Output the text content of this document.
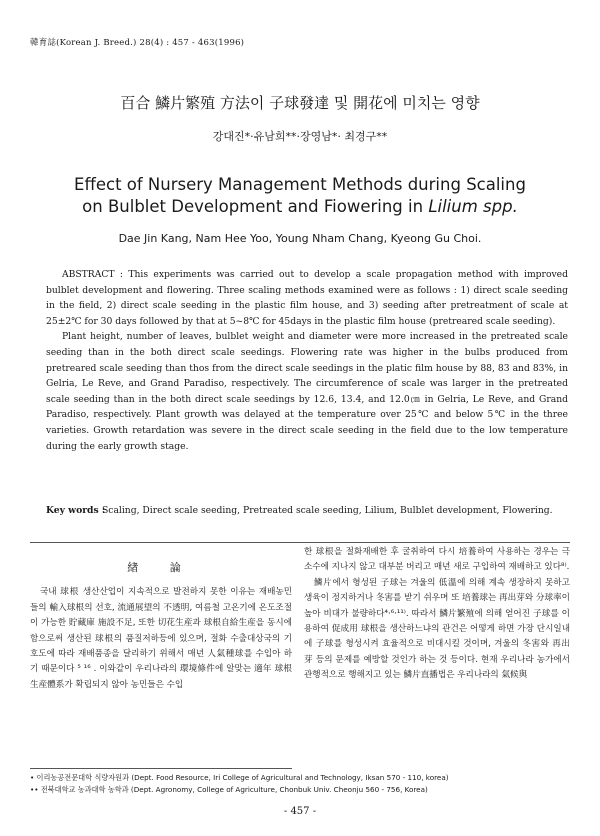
韓育誌(Korean J. Breed.) 28(4) : 457 - 463(1996)
百合 鱗片繁殖 方法이 子球發達 및 開花에 미치는 영향
강대진*·유남희**·장영남*· 최경구**
Effect of Nursery Management Methods during Scaling
on Bulblet Development and Fiowering in Lilium spp.
Dae Jin Kang, Nam Hee Yoo, Young Nham Chang, Kyeong Gu Choi.

ABSTRACT : This experiments was carried out to develop a scale propagation method with improved bulblet development and flowering. Three scaling methods examined were as follows : 1) direct scale seeding in the field, 2) direct scale seeding in the plastic film house, and 3) seeding after pretreatment of scale at 25±2℃ for 30 days followed by that at 5~8℃ for 45days in the plastic film house (pretreared scale seeding).

Plant height, number of leaves, bulblet weight and diameter were more increased in the pretreated scale seeding than in the both direct scale seedings. Flowering rate was higher in the bulbs produced from pretreared scale seeding than thos from the direct scale seedings in the platic film house by 88, 83 and 83%, in Gelria, Le Reve, and Grand Paradiso, respectively. The circumference of scale was larger in the pretreated scale seeding than in the both direct scale seedings by 12.6, 13.4, and 12.0㎝ in Gelria, Le Reve, and Grand Paradiso, respectively. Plant growth was delayed at the temperature over 25℃ and below 5℃ in the three varieties. Growth retardation was severe in the direct scale seeding in the field due to the low temperature during the early growth stage.

Key words :
Scaling, Direct scale seeding, Pretreated scale seeding, Lilium, Bulblet development, Flowering.
緖 論

국내 球根 생산산업이 지속적으로 발전하지 못한 이유는 재배농민들의 輸入球根의 선호, 流通展望의 不透明, 여름철 고온기에 온도조절이 가능한 貯藏庫 施設不足, 또한 切花生産과 球根自給生産을 동시에 함으로써 생산된 球根의 품질저하등에 있으며, 절화 수출대상국의 기호도에 따라 재배품종을 달리하기 위해서 매년 人氣種球를 수입아 하기 때문이다 ⁵ ¹⁶ . 이와같이 우리나라의 環境條件에 알맞는 適年 球根 生産體系가 확립되지 않아 농민들은 수입

한 球根을 절화재배한 후 굴취하여 다시 培養하여 사용하는 경우는 극소수에 지나지 않고 대부분 버리고 매년 새로 구입하여 재배하고 있다⁸⁾.

鱗片에서 형성된 子球는 겨울의 低溫에 의해 계속 생장하지 못하고 생육이 정지하거나 冬害를 받기 쉬우며 또 培養球는 再出芽와 分球率이 높아 비대가 불량하다⁴·⁶·¹¹⁾. 따라서 鱗片繁殖에 의해 얻어진 子球를 이용하여 促成用 球根을 생산하느냐의 관건은 어떻게 하면 가장 단시일내에 子球를 형성시켜 효율적으로 비대시킬 것이며, 겨울의 冬害와 再出芽 등의 문제를 예방할 것인가 하는 것 등이다. 현재 우리나라 농가에서 관행적으로 행해지고 있는 鱗片直播법은 우리나라의 氣候與

• 이리농공전문대학 식량자원과 (Dept. Food Resource, Iri College of Agricultural and Technology, Iksan 570 - 110, korea)
•• 전북대학교 농과대학 농학과 (Dept. Agronomy, College of Agriculture, Chonbuk Univ. Cheonju 560 - 756, Korea)
- 457 -
